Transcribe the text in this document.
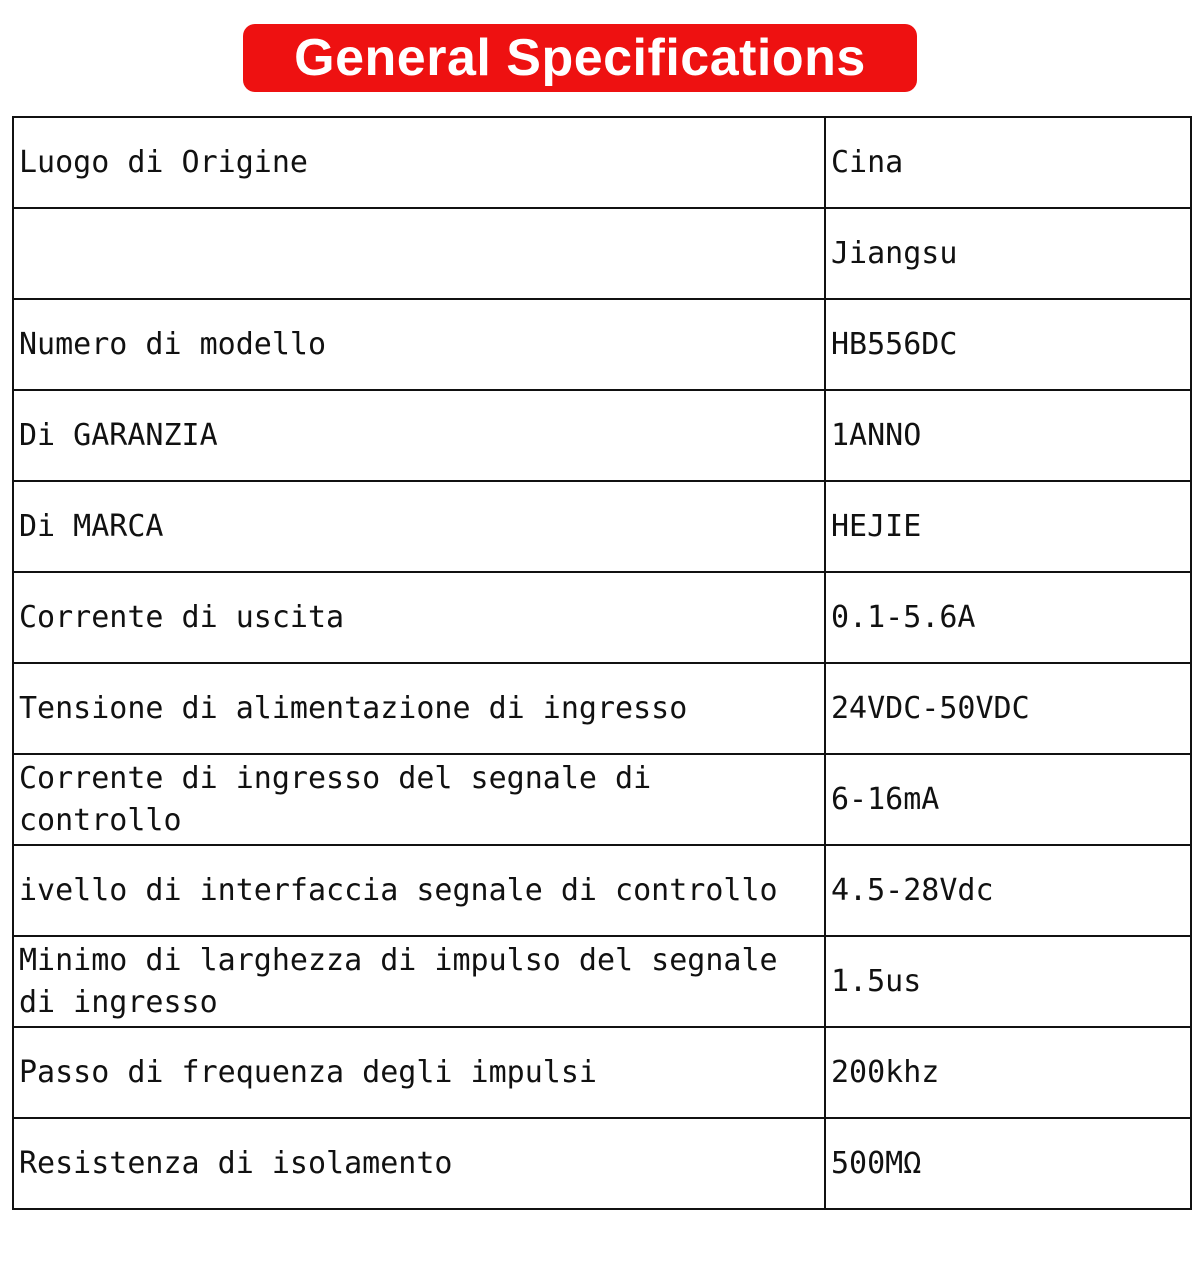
General Specifications
Luogo di Origine	Cina
	Jiangsu
Numero di modello	HB556DC
Di GARANZIA	1ANNO
Di MARCA	HEJIE
Corrente di uscita	0.1-5.6A
Tensione di alimentazione di ingresso	24VDC-50VDC
Corrente di ingresso del segnale di controllo	6-16mA
ivello di interfaccia segnale di controllo	4.5-28Vdc
Minimo di larghezza di impulso del segnale di ingresso	1.5us
Passo di frequenza degli impulsi	200khz
Resistenza di isolamento	500MΩ
